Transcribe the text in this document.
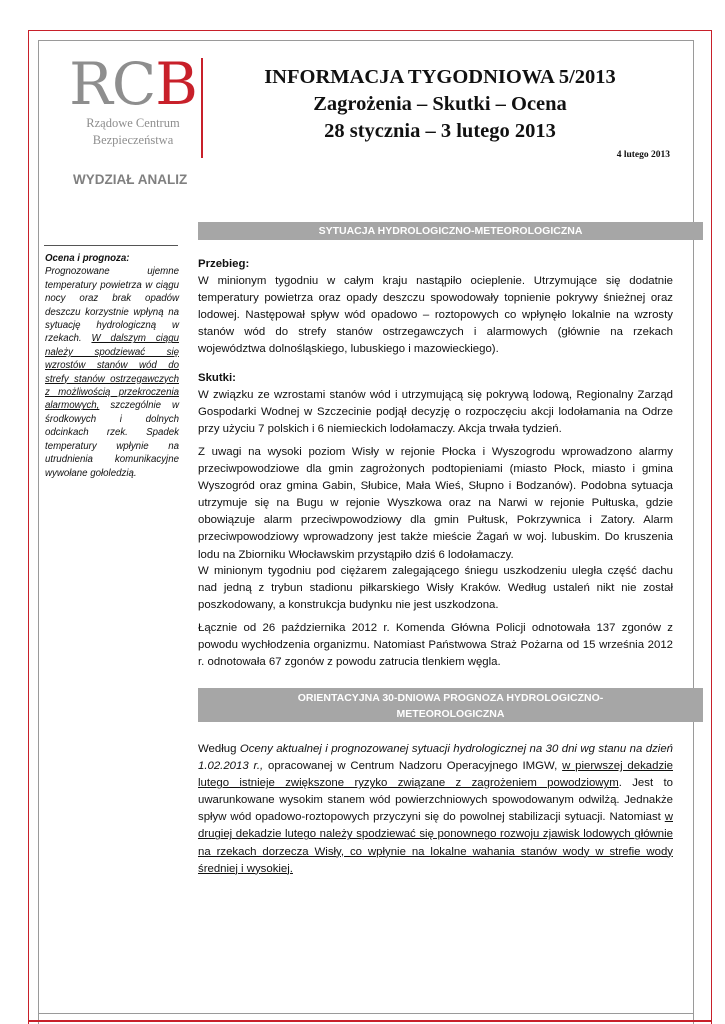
RCB
Rządowe Centrum
Bezpieczeństwa
WYDZIAŁ ANALIZ
INFORMACJA TYGODNIOWA 5/2013
Zagrożenia – Skutki – Ocena
28 stycznia – 3 lutego 2013
4 lutego 2013
SYTUACJA HYDROLOGICZNO-METEOROLOGICZNA
Ocena i prognoza:
Prognozowane ujemne temperatury powietrza w ciągu nocy oraz brak opadów deszczu korzystnie wpłyną na sytuację hydrologiczną w rzekach. W dalszym ciągu należy spodziewać się wzrostów stanów wód do strefy stanów ostrzegawczych z możliwością przekroczenia alarmowych, szczególnie w środkowych i dolnych odcinkach rzek. Spadek temperatury wpłynie na utrudnienia komunikacyjne wywołane gołoledzią.

Przebieg:

W minionym tygodniu w całym kraju nastąpiło ocieplenie. Utrzymujące się dodatnie temperatury powietrza oraz opady deszczu spowodowały topnienie pokrywy śnieżnej oraz lodowej. Następował spływ wód opadowo – roztopowych co wpłynęło lokalnie na wzrosty stanów wód do strefy stanów ostrzegawczych i alarmowych (głównie na rzekach województwa dolnośląskiego, lubuskiego i mazowieckiego).

Skutki:

W związku ze wzrostami stanów wód i utrzymującą się pokrywą lodową, Regionalny Zarząd Gospodarki Wodnej w Szczecinie podjął decyzję o rozpoczęciu akcji lodołamania na Odrze przy użyciu 7 polskich i 6 niemieckich lodołamaczy. Akcja trwała tydzień.

Z uwagi na wysoki poziom Wisły w rejonie Płocka i Wyszogrodu wprowadzono alarmy przeciwpowodziowe dla gmin zagrożonych podtopieniami (miasto Płock, miasto i gmina Wyszogród oraz gmina Gabin, Słubice, Mała Wieś, Słupno i Bodzanów). Podobna sytuacja utrzymuje się na Bugu w rejonie Wyszkowa oraz na Narwi w rejonie Pułtuska, gdzie obowiązuje alarm przeciwpowodziowy dla gmin Pułtusk, Pokrzywnica i Zatory. Alarm przeciwpowodziowy wprowadzony jest także mieście Żagań w woj. lubuskim. Do kruszenia lodu na Zbiorniku Włocławskim przystąpiło dziś 6 lodołamaczy.

W minionym tygodniu pod ciężarem zalegającego śniegu uszkodzeniu uległa część dachu nad jedną z trybun stadionu piłkarskiego Wisły Kraków. Według ustaleń nikt nie został poszkodowany, a konstrukcja budynku nie jest uszkodzona.

Łącznie od 26 października 2012 r. Komenda Główna Policji odnotowała 137 zgonów z powodu wychłodzenia organizmu. Natomiast Państwowa Straż Pożarna od 15 września 2012 r. odnotowała 67 zgonów z powodu zatrucia tlenkiem węgla.

ORIENTACYJNA 30-DNIOWA PROGNOZA HYDROLOGICZNO-
METEOROLOGICZNA

Według Oceny aktualnej i prognozowanej sytuacji hydrologicznej na 30 dni wg stanu na dzień 1.02.2013 r., opracowanej w Centrum Nadzoru Operacyjnego IMGW, w pierwszej dekadzie lutego istnieje zwiększone ryzyko związane z zagrożeniem powodziowym. Jest to uwarunkowane wysokim stanem wód powierzchniowych spowodowanym odwilżą. Jednakże spływ wód opadowo-roztopowych przyczyni się do powolnej stabilizacji sytuacji. Natomiast w drugiej dekadzie lutego należy spodziewać się ponownego rozwoju zjawisk lodowych głównie na rzekach dorzecza Wisły, co wpłynie na lokalne wahania stanów wody w strefie wody średniej i wysokiej.
